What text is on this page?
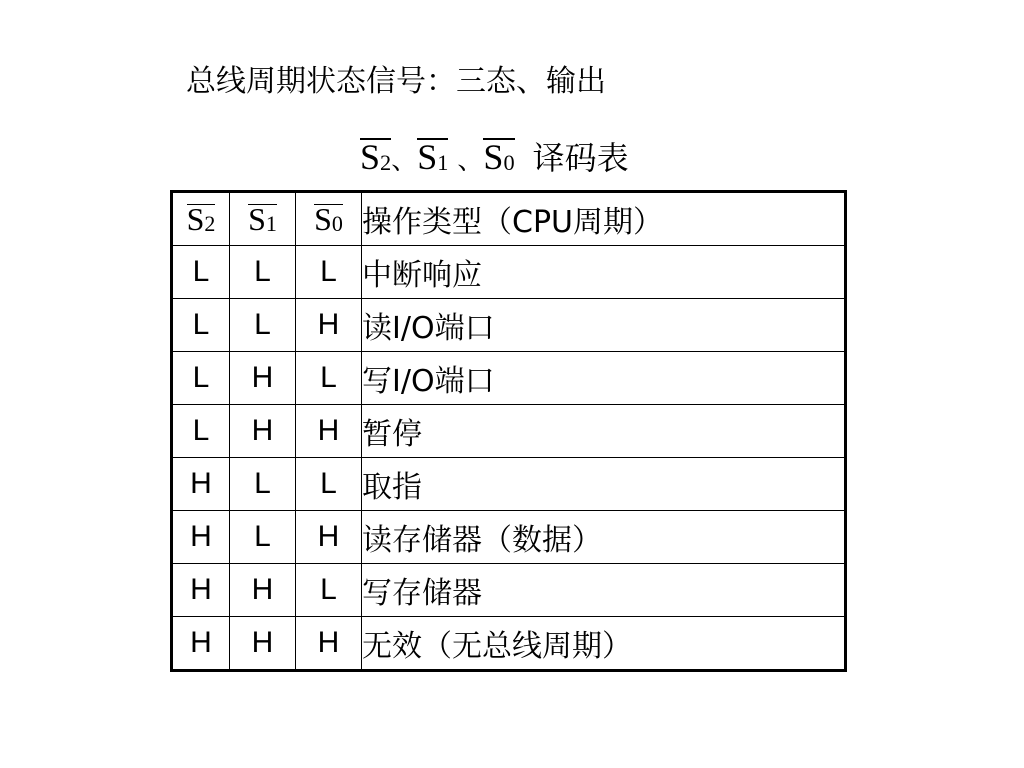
总线周期状态信号：三态、输出
$S_2$、
$S_1$ 、
$S_0$ 译码表
$S_2$	$S_1$	$S_0$	操作类型（CPU周期）
L	L	L	中断响应
L	L	H	读I/O端口
L	H	L	写I/O端口
L	H	H	暂停
H	L	L	取指
H	L	H	读存储器（数据）
H	H	L	写存储器
H	H	H	无效（无总线周期）
